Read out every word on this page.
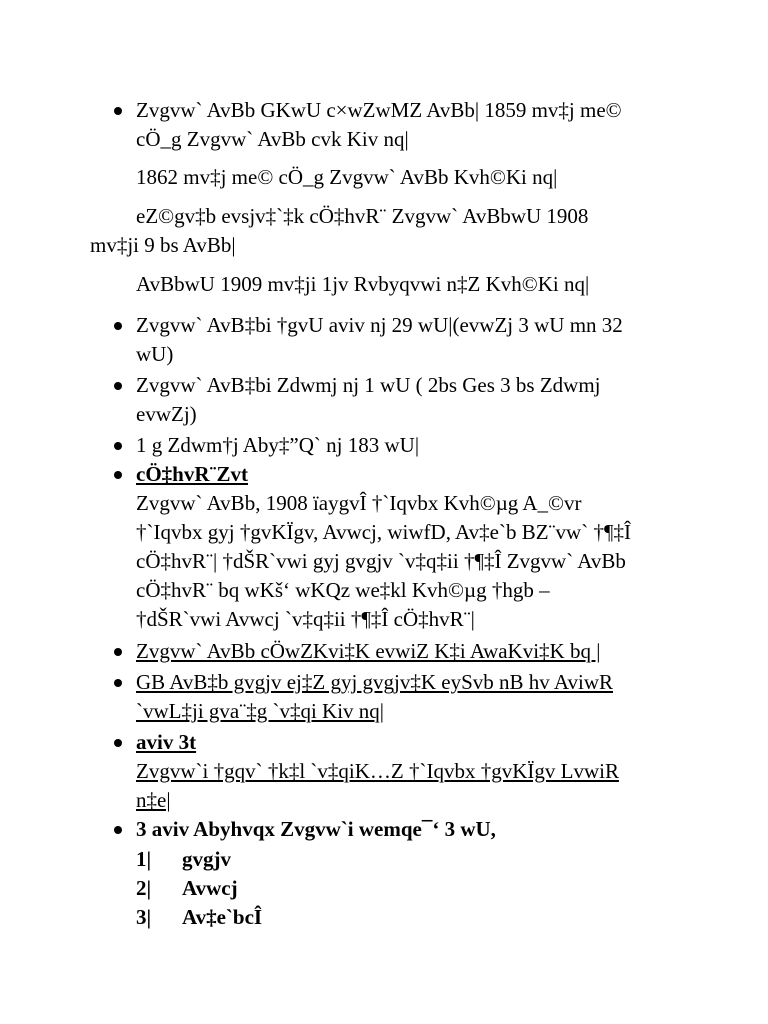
Zvgvw` AvBb GKwU c×wZwMZ AvBb| 1859 mv‡j me©
cÖ_g Zvgvw` AvBb cvk Kiv nq|
1862 mv‡j me© cÖ_g Zvgvw` AvBb Kvh©Ki nq|
eZ©gv‡b evsjv‡`‡k cÖ‡hvR¨ Zvgvw` AvBbwU 1908
mv‡ji 9 bs AvBb|
AvBbwU 1909 mv‡ji 1jv Rvbyqvwi n‡Z Kvh©Ki nq|
Zvgvw` AvB‡bi †gvU aviv nj 29 wU|(evwZj 3 wU mn 32
wU)
Zvgvw` AvB‡bi Zdwmj nj 1 wU ( 2bs Ges 3 bs Zdwmj
evwZj)
1 g Zdwm†j Aby‡”Q` nj 183 wU|
cÖ‡hvR¨Zvt
Zvgvw` AvBb, 1908 ïaygvÎ †`Iqvbx Kvh©µg A_©vr
†`Iqvbx gyj †gvKÏgv, Avwcj, wiwfD, Av‡e`b BZ¨vw` †¶‡Î
cÖ‡hvR¨| †dŠR`vwi gyj gvgjv `v‡q‡ii †¶‡Î Zvgvw` AvBb
cÖ‡hvR¨ bq wKš‘ wKQz we‡kl Kvh©µg †hgb –
†dŠR`vwi Avwcj `v‡q‡ii †¶‡Î cÖ‡hvR¨|
Zvgvw` AvBb cÖwZKvi‡K evwiZ K‡i AwaKvi‡K bq |
GB AvB‡b gvgjv ej‡Z gyj gvgjv‡K eySvb nB hv AviwR
`vwL‡ji gva¨‡g `v‡qi Kiv nq|
aviv 3t
Zvgvw`i †gqv` †k‡l `v‡qiK…Z †`Iqvbx †gvKÏgv LvwiR
n‡e|
3 aviv Abyhvqx Zvgvw`i wemqe¯‘ 3 wU,
1| gvgjv
2| Avwcj
3| Av‡e`bcÎ
